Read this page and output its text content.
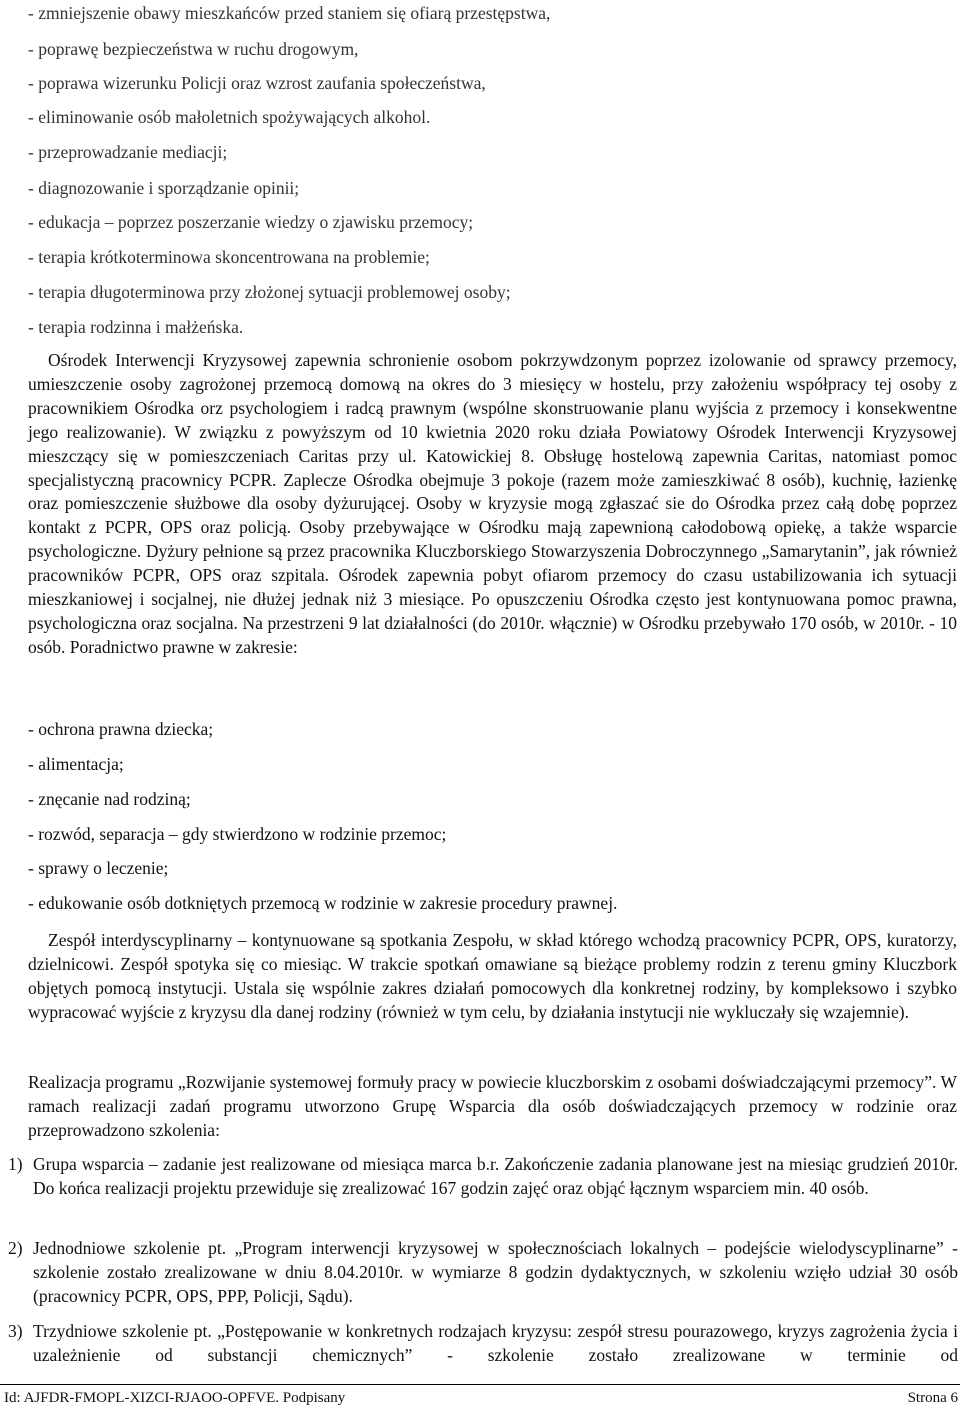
- zmniejszenie obawy mieszkańców przed staniem się ofiarą przestępstwa,
- poprawę bezpieczeństwa w ruchu drogowym,
- poprawa wizerunku Policji oraz wzrost zaufania społeczeństwa,
- eliminowanie osób małoletnich spożywających alkohol.
- przeprowadzanie mediacji;
- diagnozowanie i sporządzanie opinii;
- edukacja – poprzez poszerzanie wiedzy o zjawisku przemocy;
- terapia krótkoterminowa skoncentrowana na problemie;
- terapia długoterminowa przy złożonej sytuacji problemowej osoby;
- terapia rodzinna i małżeńska.

Ośrodek Interwencji Kryzysowej zapewnia schronienie osobom pokrzywdzonym poprzez izolowanie od sprawcy przemocy, umieszczenie osoby zagrożonej przemocą domową na okres do 3 miesięcy w hostelu, przy założeniu współpracy tej osoby z pracownikiem Ośrodka orz psychologiem i radcą prawnym (wspólne skonstruowanie planu wyjścia z przemocy i konsekwentne jego realizowanie). W związku z powyższym od 10 kwietnia 2020 roku działa Powiatowy Ośrodek Interwencji Kryzysowej mieszczący się w pomieszczeniach Caritas przy ul. Katowickiej 8. Obsługę hostelową zapewnia Caritas, natomiast pomoc specjalistyczną pracownicy PCPR. Zaplecze Ośrodka obejmuje 3 pokoje (razem może zamieszkiwać 8 osób), kuchnię, łazienkę oraz pomieszczenie służbowe dla osoby dyżurującej. Osoby w kryzysie mogą zgłaszać sie do Ośrodka przez całą dobę poprzez kontakt z PCPR, OPS oraz policją. Osoby przebywające w Ośrodku mają zapewnioną całodobową opiekę, a także wsparcie psychologiczne. Dyżury pełnione są przez pracownika Kluczborskiego Stowarzyszenia Dobroczynnego „Samarytanin”, jak również pracowników PCPR, OPS oraz szpitala. Ośrodek zapewnia pobyt ofiarom przemocy do czasu ustabilizowania ich sytuacji mieszkaniowej i socjalnej, nie dłużej jednak niż 3 miesiące. Po opuszczeniu Ośrodka często jest kontynuowana pomoc prawna, psychologiczna oraz socjalna. Na przestrzeni 9 lat działalności (do 2010r. włącznie) w Ośrodku przebywało 170 osób, w 2010r. - 10 osób. Poradnictwo prawne w zakresie:

- ochrona prawna dziecka;
- alimentacja;
- znęcanie nad rodziną;
- rozwód, separacja – gdy stwierdzono w rodzinie przemoc;
- sprawy o leczenie;
- edukowanie osób dotkniętych przemocą w rodzinie w zakresie procedury prawnej.

Zespół interdyscyplinarny – kontynuowane są spotkania Zespołu, w skład którego wchodzą pracownicy PCPR, OPS, kuratorzy, dzielnicowi. Zespół spotyka się co miesiąc. W trakcie spotkań omawiane są bieżące problemy rodzin z terenu gminy Kluczbork objętych pomocą instytucji. Ustala się wspólnie zakres działań pomocowych dla konkretnej rodziny, by kompleksowo i szybko wypracować wyjście z kryzysu dla danej rodziny (również w tym celu, by działania instytucji nie wykluczały się wzajemnie).

Realizacja programu „Rozwijanie systemowej formuły pracy w powiecie kluczborskim z osobami doświadczającymi przemocy”. W ramach realizacji zadań programu utworzono Grupę Wsparcia dla osób doświadczających przemocy w rodzinie oraz przeprowadzono szkolenia:

1) Grupa wsparcia – zadanie jest realizowane od miesiąca marca b.r. Zakończenie zadania planowane jest na miesiąc grudzień 2010r. Do końca realizacji projektu przewiduje się zrealizować 167 godzin zajęć oraz objąć łącznym wsparciem min. 40 osób.
2) Jednodniowe szkolenie pt. „Program interwencji kryzysowej w społecznościach lokalnych – podejście wielodyscyplinarne” - szkolenie zostało zrealizowane w dniu 8.04.2010r. w wymiarze 8 godzin dydaktycznych, w szkoleniu wzięło udział 30 osób (pracownicy PCPR, OPS, PPP, Policji, Sądu).
3) Trzydniowe szkolenie pt. „Postępowanie w konkretnych rodzajach kryzysu: zespół stresu pourazowego, kryzys zagrożenia życia i uzależnienie od substancji chemicznych” - szkolenie zostało zrealizowane w terminie od
Id: AJFDR-FMOPL-XIZCI-RJAOO-OPFVE. Podpisany	Strona 6
